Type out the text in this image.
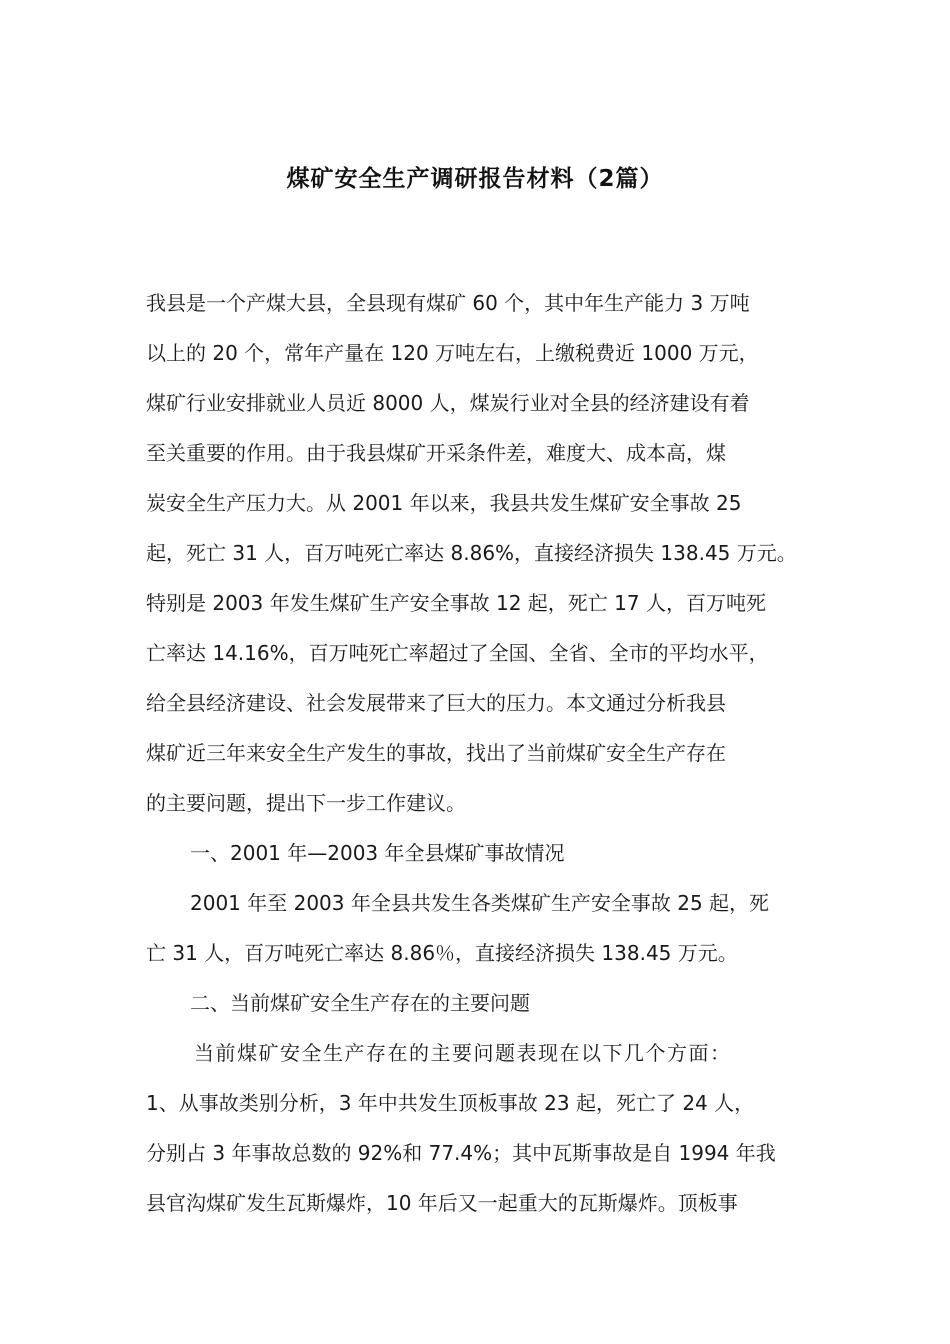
煤矿安全生产调研报告材料（2篇）
我县是一个产煤大县，全县现有煤矿 60 个，其中年生产能力 3 万吨
以上的 20 个，常年产量在 120 万吨左右，上缴税费近 1000 万元，
煤矿行业安排就业人员近 8000 人，煤炭行业对全县的经济建设有着
至关重要的作用。由于我县煤矿开采条件差，难度大、成本高，煤
炭安全生产压力大。从 2001 年以来，我县共发生煤矿安全事故 25
起，死亡 31 人，百万吨死亡率达 8.86%，直接经济损失 138.45 万元。
特别是 2003 年发生煤矿生产安全事故 12 起，死亡 17 人，百万吨死
亡率达 14.16%，百万吨死亡率超过了全国、全省、全市的平均水平，
给全县经济建设、社会发展带来了巨大的压力。本文通过分析我县
煤矿近三年来安全生产发生的事故，找出了当前煤矿安全生产存在
的主要问题，提出下一步工作建议。
一、2001 年—2003 年全县煤矿事故情况
2001 年至 2003 年全县共发生各类煤矿生产安全事故 25 起，死
亡 31 人，百万吨死亡率达 8.86％，直接经济损失 138.45 万元。
二、当前煤矿安全生产存在的主要问题
当前煤矿安全生产存在的主要问题表现在以下几个方面：
1、从事故类别分析，3 年中共发生顶板事故 23 起，死亡了 24 人，
分别占 3 年事故总数的 92%和 77.4%；其中瓦斯事故是自 1994 年我
县官沟煤矿发生瓦斯爆炸，10 年后又一起重大的瓦斯爆炸。顶板事
